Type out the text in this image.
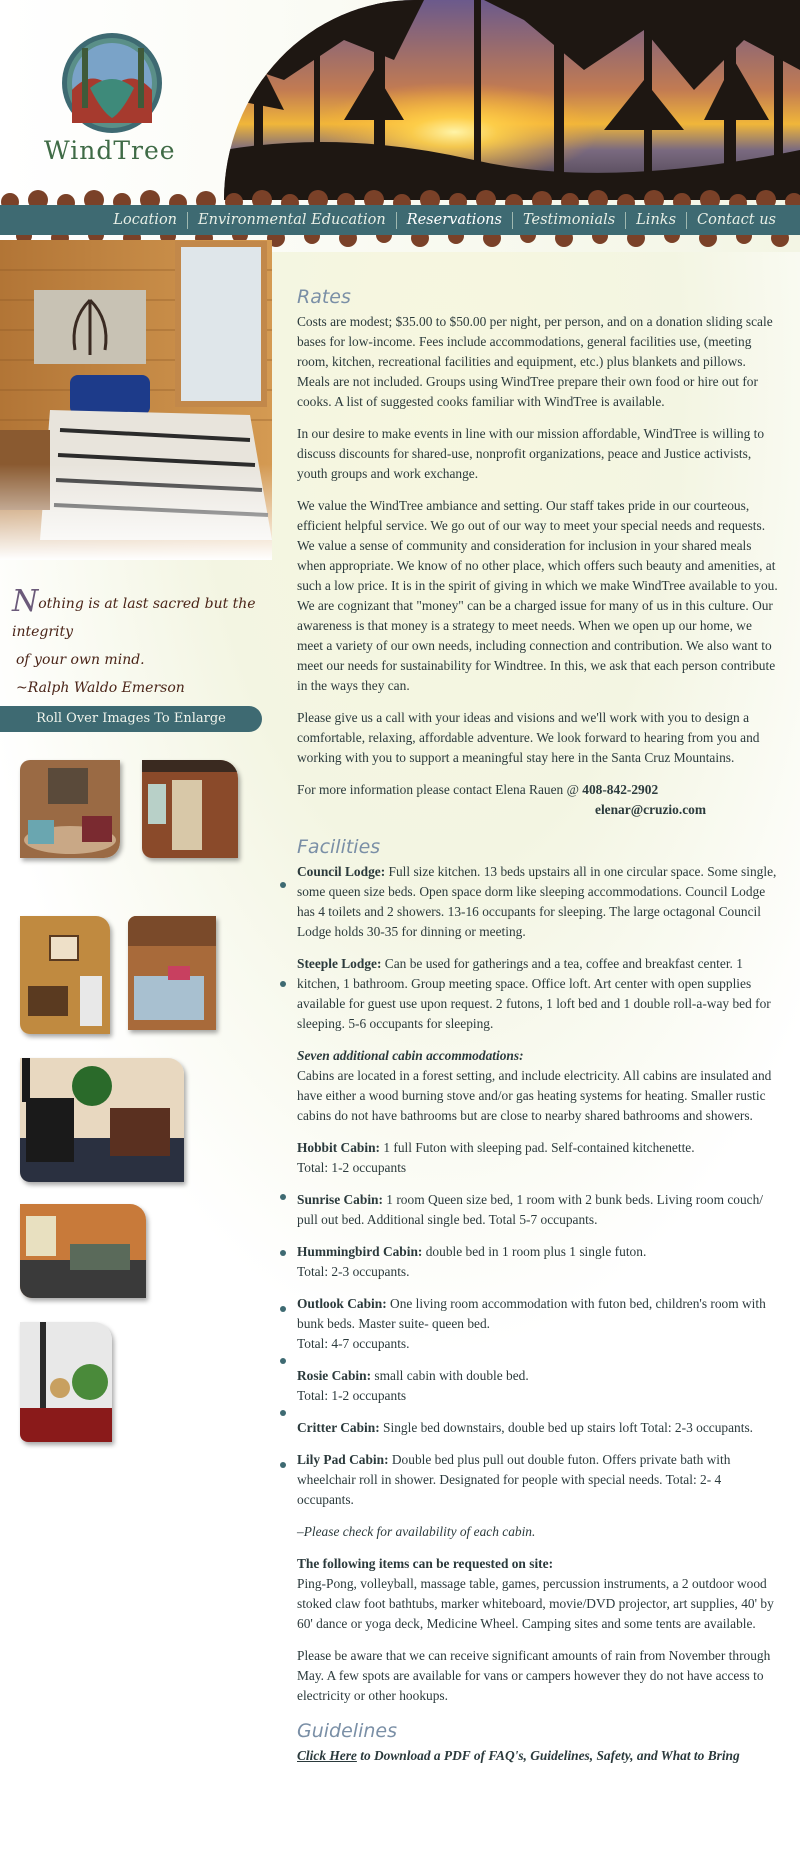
WindTree
Location	Environmental Education	Reservations	Testimonials	Links	Contact us
Nothing is at last sacred but the integrity
of your own mind.
~Ralph Waldo Emerson
Roll Over Images To Enlarge
Rates

Costs are modest; $35.00 to $50.00 per night, per person, and on a donation sliding scale bases for low-income. Fees include accommodations, general facilities use, (meeting room, kitchen, recreational facilities and equipment, etc.) plus blankets and pillows. Meals are not included. Groups using WindTree prepare their own food or hire out for cooks. A list of suggested cooks familiar with WindTree is available.

In our desire to make events in line with our mission affordable, WindTree is willing to discuss discounts for shared-use, nonprofit organizations, peace and Justice activists, youth groups and work exchange.

We value the WindTree ambiance and setting. Our staff takes pride in our courteous, efficient helpful service. We go out of our way to meet your special needs and requests. We value a sense of community and consideration for inclusion in your shared meals when appropriate. We know of no other place, which offers such beauty and amenities, at such a low price. It is in the spirit of giving in which we make WindTree available to you. We are cognizant that "money" can be a charged issue for many of us in this culture. Our awareness is that money is a strategy to meet needs. When we open up our home, we meet a variety of our own needs, including connection and contribution. We also want to meet our needs for sustainability for Windtree. In this, we ask that each person contribute in the ways they can.

Please give us a call with your ideas and visions and we'll work with you to design a comfortable, relaxing, affordable adventure. We look forward to hearing from you and working with you to support a meaningful stay here in the Santa Cruz Mountains.

For more information please contact Elena Rauen @ 408-842-2902
elenar@cruzio.com

Facilities

Council Lodge: Full size kitchen. 13 beds upstairs all in one circular space. Some single, some queen size beds. Open space dorm like sleeping accommodations. Council Lodge has 4 toilets and 2 showers. 13-16 occupants for sleeping. The large octagonal Council Lodge holds 30-35 for dinning or meeting.

Steeple Lodge: Can be used for gatherings and a tea, coffee and breakfast center. 1 kitchen, 1 bathroom. Group meeting space. Office loft. Art center with open supplies available for guest use upon request. 2 futons, 1 loft bed and 1 double roll-a-way bed for sleeping. 5-6 occupants for sleeping.

Seven additional cabin accommodations:
Cabins are located in a forest setting, and include electricity. All cabins are insulated and have either a wood burning stove and/or gas heating systems for heating. Smaller rustic cabins do not have bathrooms but are close to nearby shared bathrooms and showers.

Hobbit Cabin: 1 full Futon with sleeping pad. Self-contained kitchenette.
Total: 1-2 occupants

Sunrise Cabin: 1 room Queen size bed, 1 room with 2 bunk beds. Living room couch/ pull out bed. Additional single bed. Total 5-7 occupants.

Hummingbird Cabin: double bed in 1 room plus 1 single futon.
Total: 2-3 occupants.

Outlook Cabin: One living room accommodation with futon bed, children's room with bunk beds. Master suite- queen bed.
Total: 4-7 occupants.

Rosie Cabin: small cabin with double bed.
Total: 1-2 occupants

Critter Cabin: Single bed downstairs, double bed up stairs loft Total: 2-3 occupants.

Lily Pad Cabin: Double bed plus pull out double futon. Offers private bath with wheelchair roll in shower. Designated for people with special needs. Total: 2- 4 occupants.

–Please check for availability of each cabin.

The following items can be requested on site:
Ping-Pong, volleyball, massage table, games, percussion instruments, a 2 outdoor wood stoked claw foot bathtubs, marker whiteboard, movie/DVD projector, art supplies, 40' by 60' dance or yoga deck, Medicine Wheel. Camping sites and some tents are available.

Please be aware that we can receive significant amounts of rain from November through May. A few spots are available for vans or campers however they do not have access to electricity or other hookups.

Guidelines
Click Here to Download a PDF of FAQ's, Guidelines, Safety, and What to Bring
